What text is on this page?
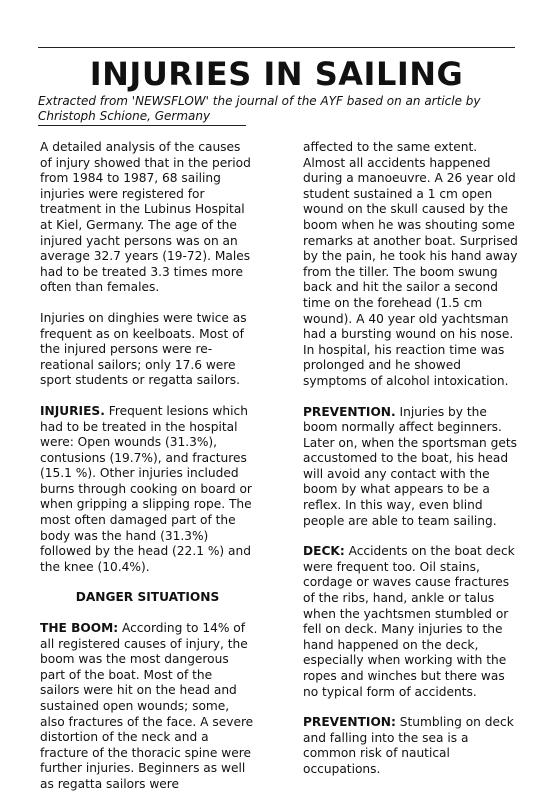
INJURIES IN SAILING
Extracted from 'NEWSFLOW' the journal of the AYF based on an article by Christoph Schione, Germany

A detailed analysis of the causes of injury showed that in the period from 1984 to 1987, 68 sailing injuries were registered for treatment in the Lubinus Hospital at Kiel, Germany. The age of the injured yacht persons was on an average 32.7 years (19-72). Males had to be treated 3.3 times more often than females.

Injuries on dinghies were twice as frequent as on keelboats. Most of the injured persons were re-reational sailors; only 17.6 were sport students or regatta sailors.

INJURIES. Frequent lesions which had to be treated in the hospital were: Open wounds (31.3%), contusions (19.7%), and fractures (15.1 %). Other injuries included burns through cooking on board or when gripping a slipping rope. The most often damaged part of the body was the hand (31.3%) followed by the head (22.1 %) and the knee (10.4%).

DANGER SITUATIONS

THE BOOM: According to 14% of all registered causes of injury, the boom was the most dangerous part of the boat. Most of the sailors were hit on the head and sustained open wounds; some, also fractures of the face. A severe distortion of the neck and a fracture of the thoracic spine were further injuries. Beginners as well as regatta sailors were

affected to the same extent. Almost all accidents happened during a manoeuvre. A 26 year old student sustained a 1 cm open wound on the skull caused by the boom when he was shouting some remarks at another boat. Surprised by the pain, he took his hand away from the tiller. The boom swung back and hit the sailor a second time on the forehead (1.5 cm wound). A 40 year old yachtsman had a bursting wound on his nose. In hospital, his reaction time was prolonged and he showed symptoms of alcohol intoxication.

PREVENTION. Injuries by the boom normally affect beginners. Later on, when the sportsman gets accustomed to the boat, his head will avoid any contact with the boom by what appears to be a reflex. In this way, even blind people are able to team sailing.

DECK: Accidents on the boat deck were frequent too. Oil stains, cordage or waves cause fractures of the ribs, hand, ankle or talus when the yachtsmen stumbled or fell on deck. Many injuries to the hand happened on the deck, especially when working with the ropes and winches but there was no typical form of accidents.

PREVENTION: Stumbling on deck and falling into the sea is a common risk of nautical occupations.
